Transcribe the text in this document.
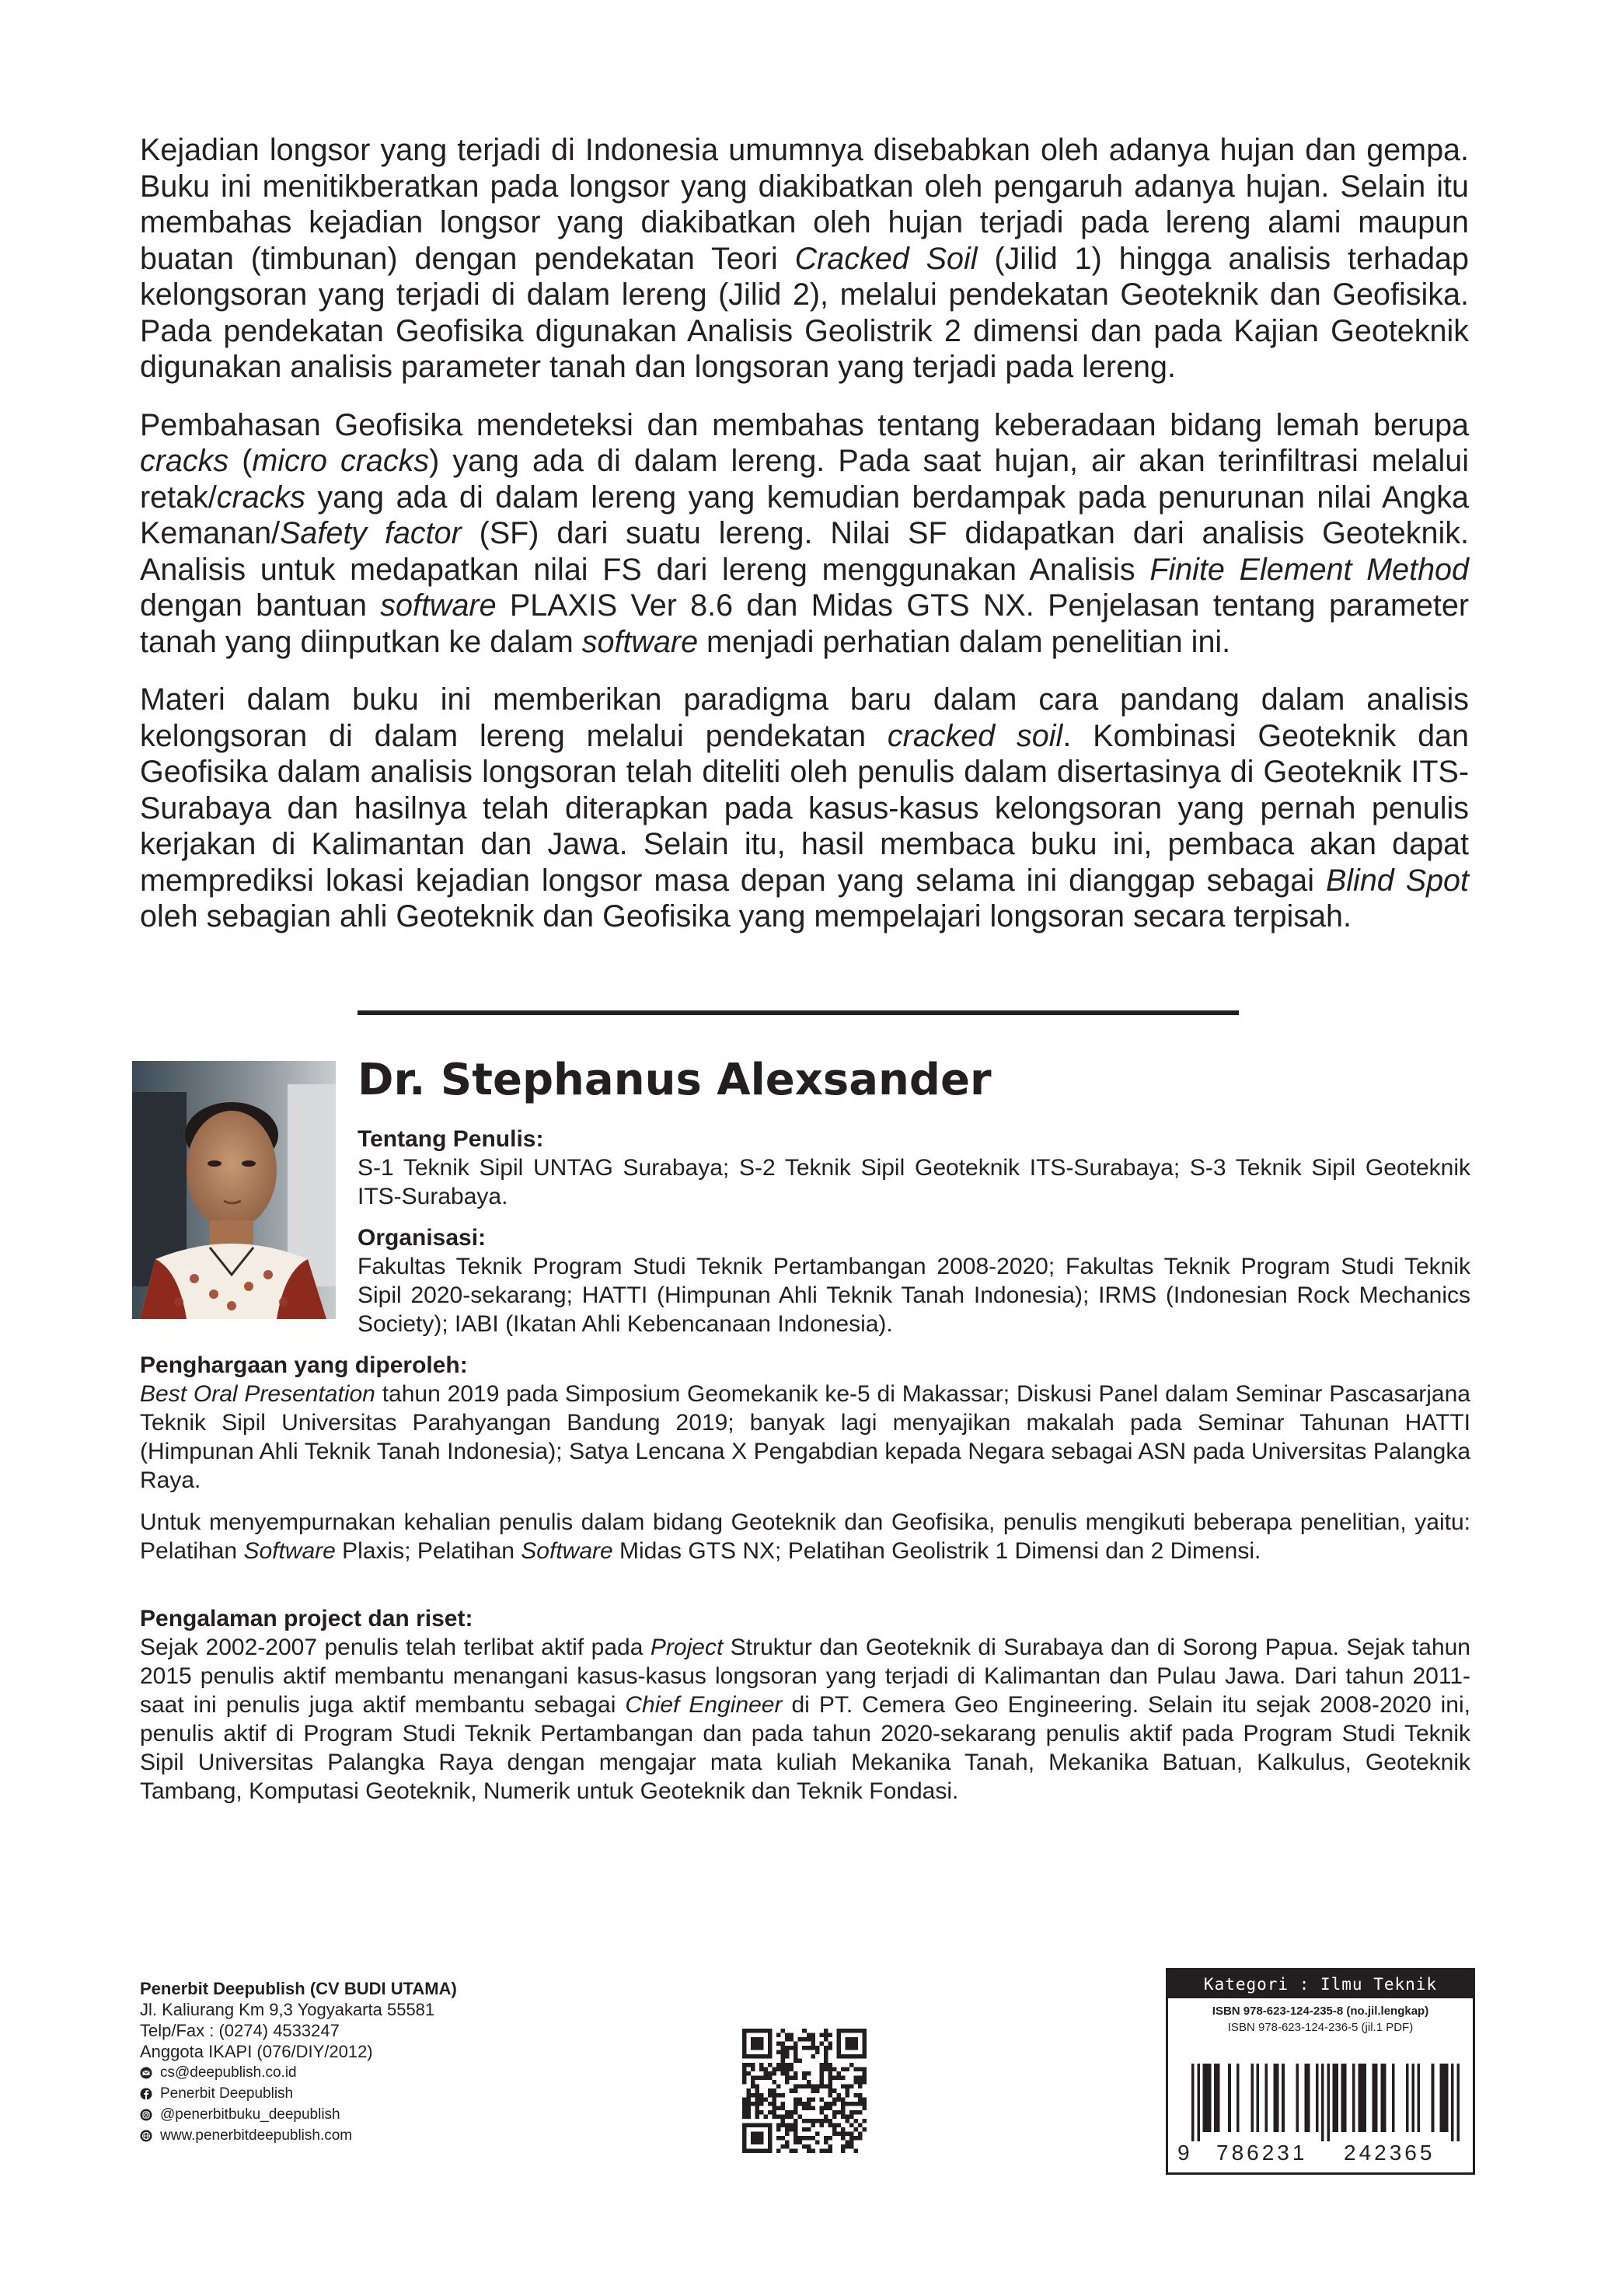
Kejadian longsor yang terjadi di Indonesia umumnya disebabkan oleh adanya hujan dan gempa. Buku ini menitikberatkan pada longsor yang diakibatkan oleh pengaruh adanya hujan. Selain itu membahas kejadian longsor yang diakibatkan oleh hujan terjadi pada lereng alami maupun buatan (timbunan) dengan pendekatan Teori Cracked Soil (Jilid 1) hingga analisis terhadap kelongsoran yang terjadi di dalam lereng (Jilid 2), melalui pendekatan Geoteknik dan Geofisika. Pada pendekatan Geofisika digunakan Analisis Geolistrik 2 dimensi dan pada Kajian Geoteknik digunakan analisis parameter tanah dan longsoran yang terjadi pada lereng.

Pembahasan Geofisika mendeteksi dan membahas tentang keberadaan bidang lemah berupa cracks (micro cracks) yang ada di dalam lereng. Pada saat hujan, air akan terinfiltrasi melalui retak/cracks yang ada di dalam lereng yang kemudian berdampak pada penurunan nilai Angka Kemanan/Safety factor (SF) dari suatu lereng. Nilai SF didapatkan dari analisis Geoteknik. Analisis untuk medapatkan nilai FS dari lereng menggunakan Analisis Finite Element Method dengan bantuan software PLAXIS Ver 8.6 dan Midas GTS NX. Penjelasan tentang parameter tanah yang diinputkan ke dalam software menjadi perhatian dalam penelitian ini.

Materi dalam buku ini memberikan paradigma baru dalam cara pandang dalam analisis kelongsoran di dalam lereng melalui pendekatan cracked soil. Kombinasi Geoteknik dan Geofisika dalam analisis longsoran telah diteliti oleh penulis dalam disertasinya di Geoteknik ITS-Surabaya dan hasilnya telah diterapkan pada kasus-kasus kelongsoran yang pernah penulis kerjakan di Kalimantan dan Jawa. Selain itu, hasil membaca buku ini, pembaca akan dapat memprediksi lokasi kejadian longsor masa depan yang selama ini dianggap sebagai Blind Spot oleh sebagian ahli Geoteknik dan Geofisika yang mempelajari longsoran secara terpisah.

Dr. Stephanus Alexsander
Tentang Penulis:

S-1 Teknik Sipil UNTAG Surabaya; S-2 Teknik Sipil Geoteknik ITS-Surabaya; S-3 Teknik Sipil Geoteknik ITS-Surabaya.

Organisasi:

Fakultas Teknik Program Studi Teknik Pertambangan 2008-2020; Fakultas Teknik Program Studi Teknik Sipil 2020-sekarang; HATTI (Himpunan Ahli Teknik Tanah Indonesia); IRMS (Indonesian Rock Mechanics Society); IABI (Ikatan Ahli Kebencanaan Indonesia).

Penghargaan yang diperoleh:

Best Oral Presentation tahun 2019 pada Simposium Geomekanik ke-5 di Makassar; Diskusi Panel dalam Seminar Pascasarjana Teknik Sipil Universitas Parahyangan Bandung 2019; banyak lagi menyajikan makalah pada Seminar Tahunan HATTI (Himpunan Ahli Teknik Tanah Indonesia); Satya Lencana X Pengabdian kepada Negara sebagai ASN pada Universitas Palangka Raya.

Untuk menyempurnakan kehalian penulis dalam bidang Geoteknik dan Geofisika, penulis mengikuti beberapa penelitian, yaitu: Pelatihan Software Plaxis; Pelatihan Software Midas GTS NX; Pelatihan Geolistrik 1 Dimensi dan 2 Dimensi.

Pengalaman project dan riset:

Sejak 2002-2007 penulis telah terlibat aktif pada Project Struktur dan Geoteknik di Surabaya dan di Sorong Papua. Sejak tahun 2015 penulis aktif membantu menangani kasus-kasus longsoran yang terjadi di Kalimantan dan Pulau Jawa. Dari tahun 2011-saat ini penulis juga aktif membantu sebagai Chief Engineer di PT. Cemera Geo Engineering. Selain itu sejak 2008-2020 ini, penulis aktif di Program Studi Teknik Pertambangan dan pada tahun 2020-sekarang penulis aktif pada Program Studi Teknik Sipil Universitas Palangka Raya dengan mengajar mata kuliah Mekanika Tanah, Mekanika Batuan, Kalkulus, Geoteknik Tambang, Komputasi Geoteknik, Numerik untuk Geoteknik dan Teknik Fondasi.

Penerbit Deepublish (CV BUDI UTAMA)
Jl. Kaliurang Km 9,3 Yogyakarta 55581
Telp/Fax : (0274) 4533247
Anggota IKAPI (076/DIY/2012)
cs@deepublish.co.id
Penerbit Deepublish
@penerbitbuku_deepublish
www.penerbitdeepublish.com
Kategori : Ilmu Teknik
ISBN 978-623-124-235-8 (no.jil.lengkap)
ISBN 978-623-124-236-5 (jil.1 PDF)
9 786231 242365
